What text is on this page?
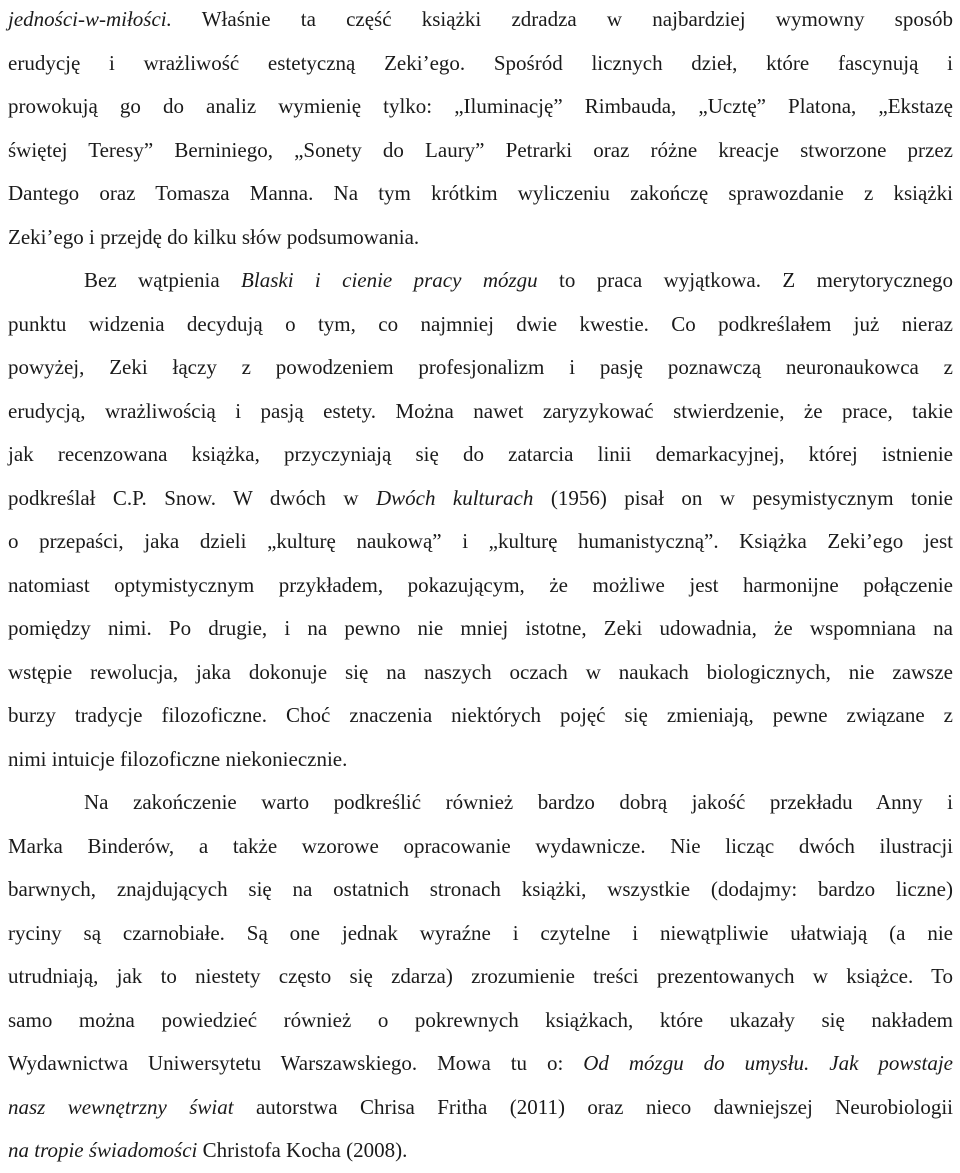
jedności-w-miłości. Właśnie ta część książki zdradza w najbardziej wymowny sposób
erudycję i wrażliwość estetyczną Zeki’ego. Spośród licznych dzieł, które fascynują i
prowokują go do analiz wymienię tylko: „Iluminację” Rimbauda, „Ucztę” Platona, „Ekstazę
świętej Teresy” Berniniego, „Sonety do Laury” Petrarki oraz różne kreacje stworzone przez
Dantego oraz Tomasza Manna. Na tym krótkim wyliczeniu zakończę sprawozdanie z książki
Zeki’ego i przejdę do kilku słów podsumowania.
Bez wątpienia Blaski i cienie pracy mózgu to praca wyjątkowa. Z merytorycznego
punktu widzenia decydują o tym, co najmniej dwie kwestie. Co podkreślałem już nieraz
powyżej, Zeki łączy z powodzeniem profesjonalizm i pasję poznawczą neuronaukowca z
erudycją, wrażliwością i pasją estety. Można nawet zaryzykować stwierdzenie, że prace, takie
jak recenzowana książka, przyczyniają się do zatarcia linii demarkacyjnej, której istnienie
podkreślał C.P. Snow. W dwóch w Dwóch kulturach (1956) pisał on w pesymistycznym tonie
o przepaści, jaka dzieli „kulturę naukową” i „kulturę humanistyczną”. Książka Zeki’ego jest
natomiast optymistycznym przykładem, pokazującym, że możliwe jest harmonijne połączenie
pomiędzy nimi. Po drugie, i na pewno nie mniej istotne, Zeki udowadnia, że wspomniana na
wstępie rewolucja, jaka dokonuje się na naszych oczach w naukach biologicznych, nie zawsze
burzy tradycje filozoficzne. Choć znaczenia niektórych pojęć się zmieniają, pewne związane z
nimi intuicje filozoficzne niekoniecznie.
Na zakończenie warto podkreślić również bardzo dobrą jakość przekładu Anny i
Marka Binderów, a także wzorowe opracowanie wydawnicze. Nie licząc dwóch ilustracji
barwnych, znajdujących się na ostatnich stronach książki, wszystkie (dodajmy: bardzo liczne)
ryciny są czarnobiałe. Są one jednak wyraźne i czytelne i niewątpliwie ułatwiają (a nie
utrudniają, jak to niestety często się zdarza) zrozumienie treści prezentowanych w książce. To
samo można powiedzieć również o pokrewnych książkach, które ukazały się nakładem
Wydawnictwa Uniwersytetu Warszawskiego. Mowa tu o: Od mózgu do umysłu. Jak powstaje
nasz wewnętrzny świat autorstwa Chrisa Fritha (2011) oraz nieco dawniejszej Neurobiologii
na tropie świadomości Christofa Kocha (2008).
